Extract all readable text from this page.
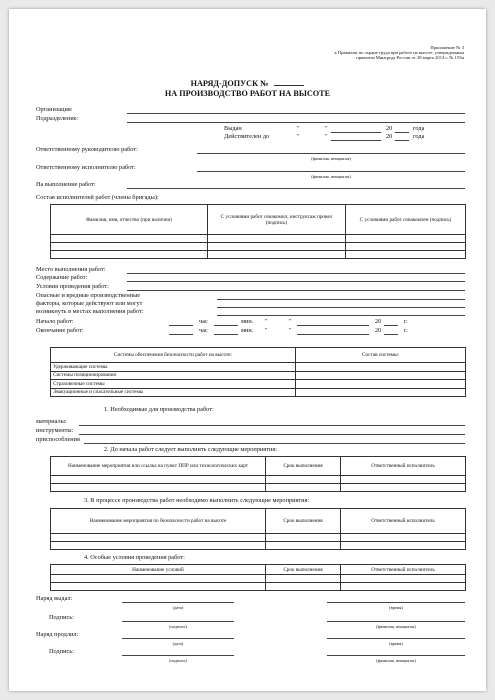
Приложение № 3
к Правилам по охране труда при работе на высоте, утвержденным
приказом Минтруда России от 28 марта 2014 г. № 155н
НАРЯД-ДОПУСК №
НА ПРОИЗВОДСТВО РАБОТ НА ВЫСОТЕ
Организация:
Подразделение:
Выдан	"	"	20	года
Действителен до	"	"	20	года
Ответственному руководителю работ:
(фамилия, инициалы)
Ответственному исполнителю работ:
(фамилия, инициалы)
На выполнение работ:
Состав исполнителей работ (члены бригады):
Фамилия, имя, отчество (при наличии)	С условиями работ ознакомил, инструктаж провел (подпись)	С условиями работ ознакомлен (подпись)

Место выполнения работ:
Содержание работ:
Условия проведения работ:
Опасные и вредные производственные
факторы, которые действуют или могут
возникнуть в местах выполнения работ:
Начало работ:	час	мин. "	"	20	г.
Окончание работ:	час	мин. "	"	20	г.
Системы обеспечения безопасности работ на высоте:	Состав системы:
Удерживающие системы	
Системы позиционирования	
Страховочные системы	
Эвакуационные и спасательные системы	
1. Необходимые для производства работ:
материалы:
инструменты:
приспособления
2. До начала работ следует выполнить следующие мероприятия:
Наименование мероприятия или ссылка на пункт ППР или технологических карт	Срок выполнения	Ответственный исполнитель

3. В процессе производства работ необходимо выполнить следующие мероприятия:
Наименование мероприятия по безопасности работ на высоте	Срок выполнения	Ответственный исполнитель

4. Особые условия проведения работ:
Наименование условий	Срок выполнения	Ответственный исполнитель

Наряд выдал:
(дата)	(время)
Подпись:
(подпись)	(фамилия, инициалы)
Наряд продлил:
(дата)	(время)
Подпись:
(подпись)	(фамилия, инициалы)
